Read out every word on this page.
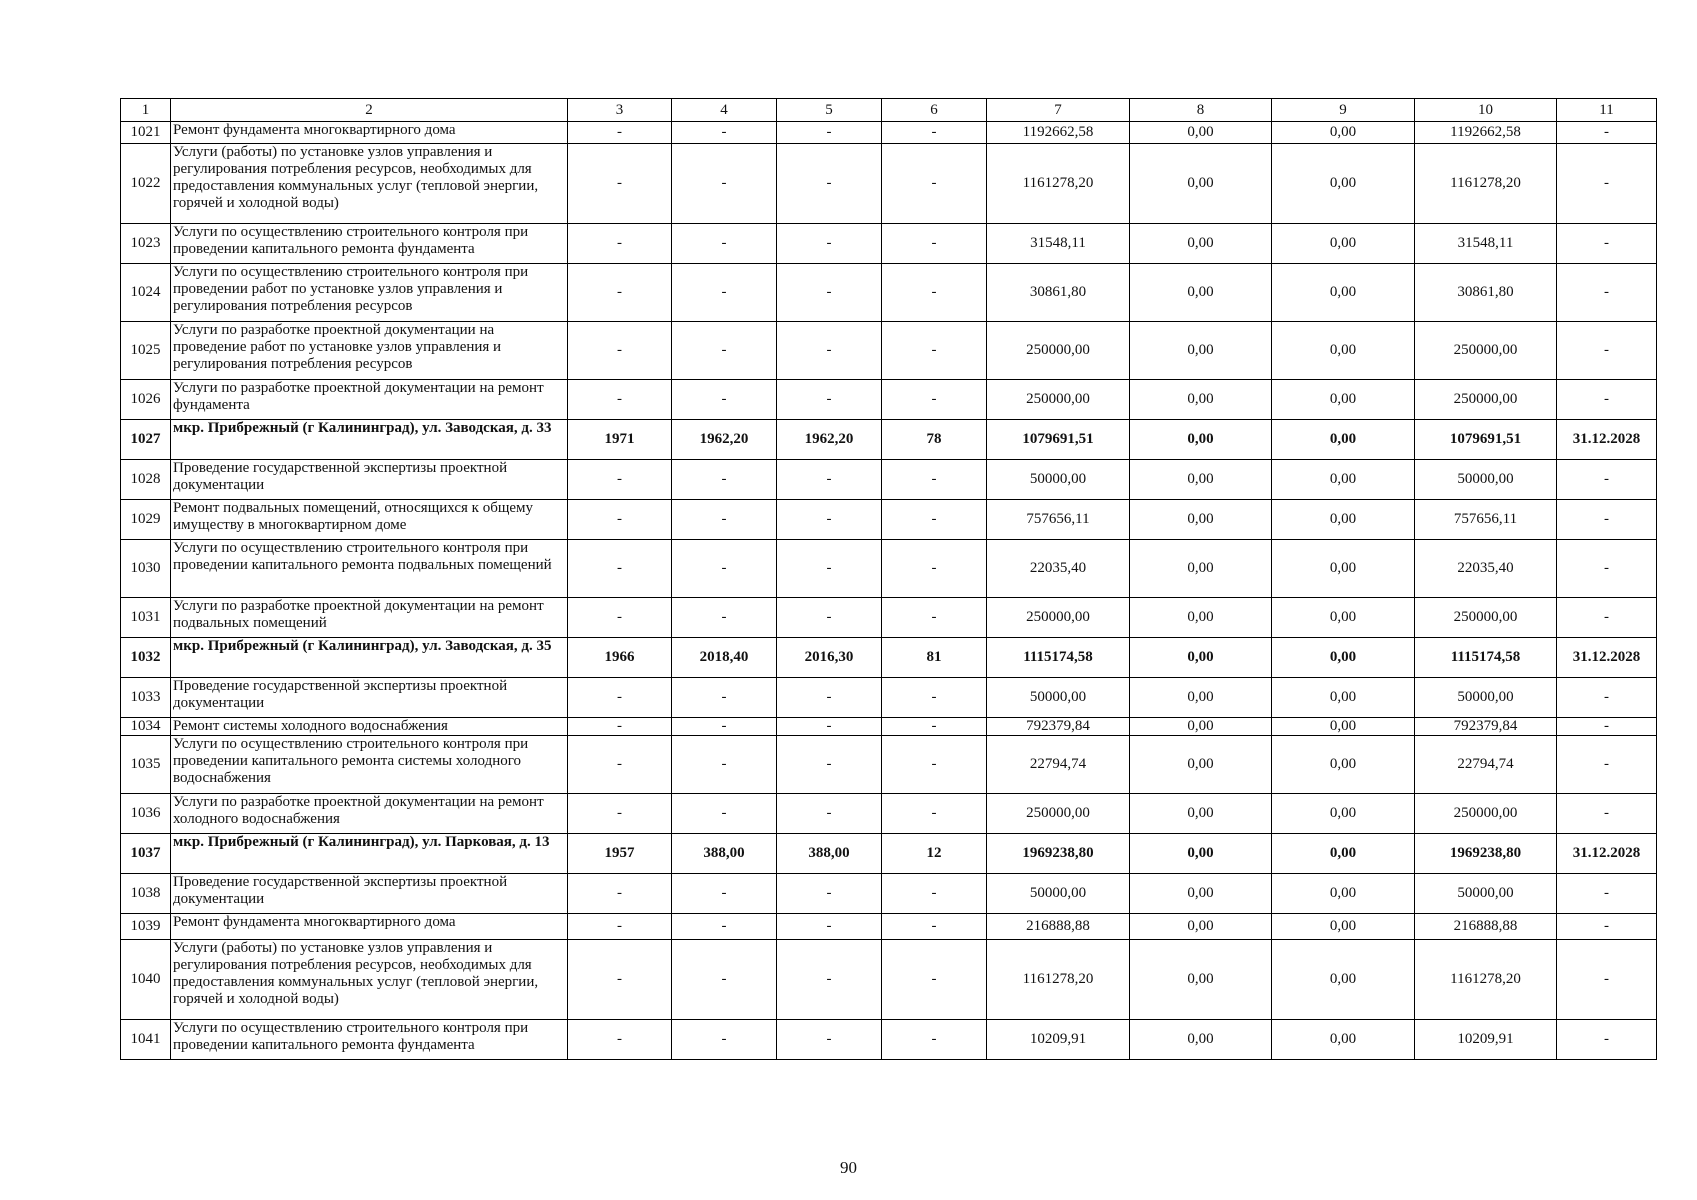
1	2	3	4	5	6	7	8	9	10	11
1021	Ремонт фундамента многоквартирного дома	-	-	-	-	1192662,58	0,00	0,00	1192662,58	-
1022	Услуги (работы) по установке узлов управления и регулирования потребления ресурсов, необходимых для предоставления коммунальных услуг (тепловой энергии, горячей и холодной воды)	-	-	-	-	1161278,20	0,00	0,00	1161278,20	-
1023	Услуги по осуществлению строительного контроля при проведении капитального ремонта фундамента	-	-	-	-	31548,11	0,00	0,00	31548,11	-
1024	Услуги по осуществлению строительного контроля при проведении работ по установке узлов управления и регулирования потребления ресурсов	-	-	-	-	30861,80	0,00	0,00	30861,80	-
1025	Услуги по разработке проектной документации на проведение работ по установке узлов управления и регулирования потребления ресурсов	-	-	-	-	250000,00	0,00	0,00	250000,00	-
1026	Услуги по разработке проектной документации на ремонт фундамента	-	-	-	-	250000,00	0,00	0,00	250000,00	-
1027	мкр. Прибрежный (г Калининград), ул. Заводская, д. 33	1971	1962,20	1962,20	78	1079691,51	0,00	0,00	1079691,51	31.12.2028
1028	Проведение государственной экспертизы проектной документации	-	-	-	-	50000,00	0,00	0,00	50000,00	-
1029	Ремонт подвальных помещений, относящихся к общему имуществу в многоквартирном доме	-	-	-	-	757656,11	0,00	0,00	757656,11	-
1030	Услуги по осуществлению строительного контроля при проведении капитального ремонта подвальных помещений	-	-	-	-	22035,40	0,00	0,00	22035,40	-
1031	Услуги по разработке проектной документации на ремонт подвальных помещений	-	-	-	-	250000,00	0,00	0,00	250000,00	-
1032	мкр. Прибрежный (г Калининград), ул. Заводская, д. 35	1966	2018,40	2016,30	81	1115174,58	0,00	0,00	1115174,58	31.12.2028
1033	Проведение государственной экспертизы проектной документации	-	-	-	-	50000,00	0,00	0,00	50000,00	-
1034	Ремонт системы холодного водоснабжения	-	-	-	-	792379,84	0,00	0,00	792379,84	-
1035	Услуги по осуществлению строительного контроля при проведении капитального ремонта системы холодного водоснабжения	-	-	-	-	22794,74	0,00	0,00	22794,74	-
1036	Услуги по разработке проектной документации на ремонт холодного водоснабжения	-	-	-	-	250000,00	0,00	0,00	250000,00	-
1037	мкр. Прибрежный (г Калининград), ул. Парковая, д. 13	1957	388,00	388,00	12	1969238,80	0,00	0,00	1969238,80	31.12.2028
1038	Проведение государственной экспертизы проектной документации	-	-	-	-	50000,00	0,00	0,00	50000,00	-
1039	Ремонт фундамента многоквартирного дома	-	-	-	-	216888,88	0,00	0,00	216888,88	-
1040	Услуги (работы) по установке узлов управления и регулирования потребления ресурсов, необходимых для предоставления коммунальных услуг (тепловой энергии, горячей и холодной воды)	-	-	-	-	1161278,20	0,00	0,00	1161278,20	-
1041	Услуги по осуществлению строительного контроля при проведении капитального ремонта фундамента	-	-	-	-	10209,91	0,00	0,00	10209,91	-
90
